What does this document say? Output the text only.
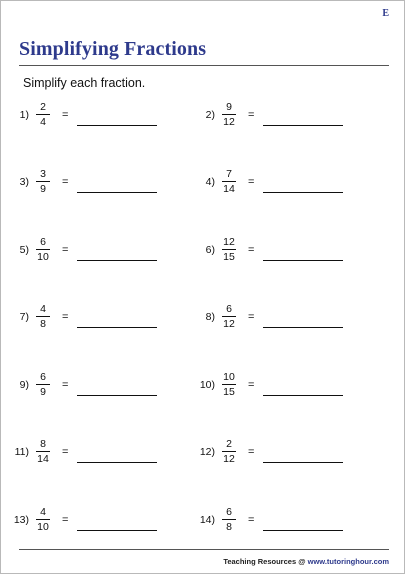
E
Simplifying Fractions
Simplify each fraction.
1)
2
4
=	2)
9
12
=
3)
3
9
=	4)
7
14
=
5)
6
10
=	6)
12
15
=
7)
4
8
=	8)
6
12
=
9)
6
9
=	10)
10
15
=
11)
8
14
=	12)
2
12
=
13)
4
10
=	14)
6
8
=
Teaching Resources @ www.tutoringhour.com
